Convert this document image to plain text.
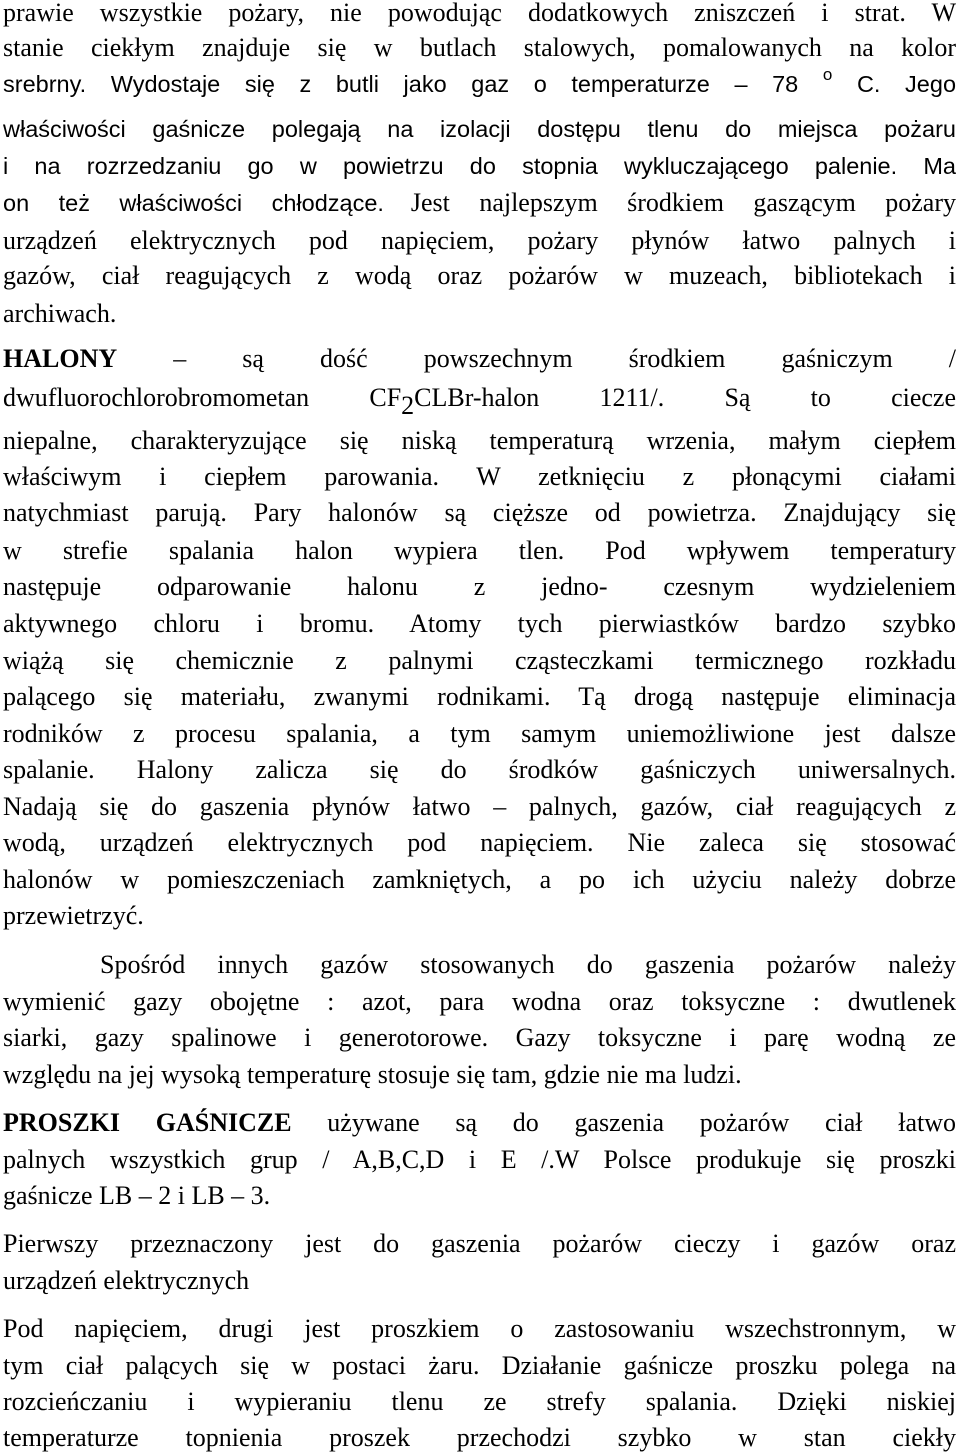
prawie wszystkie pożary, nie powodując dodatkowych zniszczeń i strat. W
stanie ciekłym znajduje się w butlach stalowych, pomalowanych na kolor
srebrny. Wydostaje się z butli jako gaz o temperaturze – 78 $^o$ C. Jego
właściwości gaśnicze polegają na izolacji dostępu tlenu do miejsca pożaru
i na rozrzedzaniu go w powietrzu do stopnia wykluczającego palenie. Ma
on też właściwości chłodzące. Jest najlepszym środkiem gaszącym pożary
urządzeń elektrycznych pod napięciem, pożary płynów łatwo palnych i
gazów, ciał reagujących z wodą oraz pożarów w muzeach, bibliotekach i
archiwach.
HALONY – są dość powszechnym środkiem gaśniczym /
dwufluorochlorobromometan CF2CLBr-halon 1211/. Są to ciecze
niepalne, charakteryzujące się niską temperaturą wrzenia, małym ciepłem
właściwym i ciepłem parowania. W zetknięciu z płonącymi ciałami
natychmiast parują. Pary halonów są cięższe od powietrza. Znajdujący się
w strefie spalania halon wypiera tlen. Pod wpływem temperatury
następuje odparowanie halonu z jedno- czesnym wydzieleniem
aktywnego chloru i bromu. Atomy tych pierwiastków bardzo szybko
wiążą się chemicznie z palnymi cząsteczkami termicznego rozkładu
palącego się materiału, zwanymi rodnikami. Tą drogą następuje eliminacja
rodników z procesu spalania, a tym samym uniemożliwione jest dalsze
spalanie. Halony zalicza się do środków gaśniczych uniwersalnych.
Nadają się do gaszenia płynów łatwo – palnych, gazów, ciał reagujących z
wodą, urządzeń elektrycznych pod napięciem. Nie zaleca się stosować
halonów w pomieszczeniach zamkniętych, a po ich użyciu należy dobrze
przewietrzyć.
Spośród innych gazów stosowanych do gaszenia pożarów należy
wymienić gazy obojętne : azot, para wodna oraz toksyczne : dwutlenek
siarki, gazy spalinowe i generotorowe. Gazy toksyczne i parę wodną ze
względu na jej wysoką temperaturę stosuje się tam, gdzie nie ma ludzi.
PROSZKI GAŚNICZE używane są do gaszenia pożarów ciał łatwo
palnych wszystkich grup / A,B,C,D i E /.W Polsce produkuje się proszki
gaśnicze LB – 2 i LB – 3.
Pierwszy przeznaczony jest do gaszenia pożarów cieczy i gazów oraz
urządzeń elektrycznych
Pod napięciem, drugi jest proszkiem o zastosowaniu wszechstronnym, w
tym ciał palących się w postaci żaru. Działanie gaśnicze proszku polega na
rozcieńczaniu i wypieraniu tlenu ze strefy spalania. Dzięki niskiej
temperaturze topnienia proszek przechodzi szybko w stan ciekły
